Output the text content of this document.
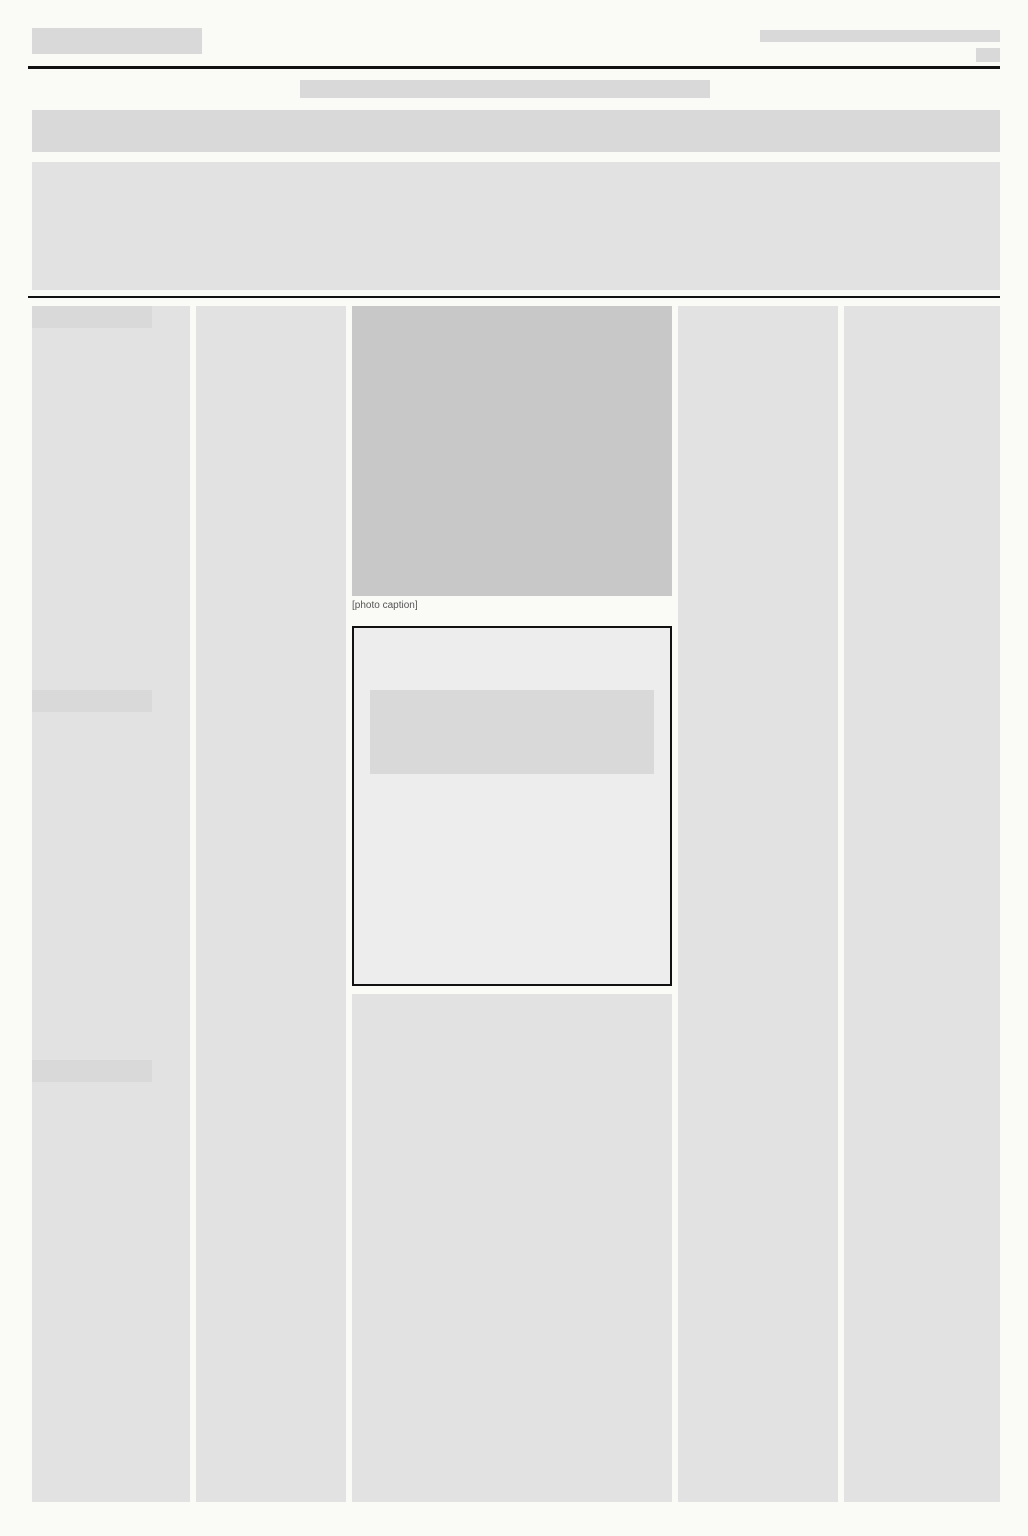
[photo caption]
